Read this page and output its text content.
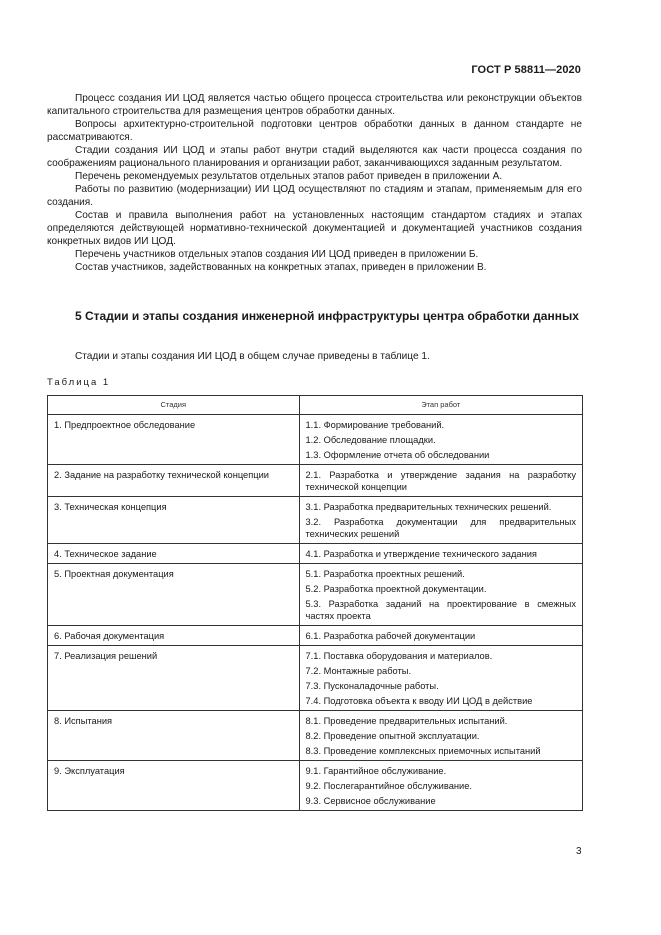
ГОСТ Р 58811—2020

Процесс создания ИИ ЦОД является частью общего процесса строительства или реконструкции объектов капитального строительства для размещения центров обработки данных.

Вопросы архитектурно-строительной подготовки центров обработки данных в данном стандарте не рассматриваются.

Стадии создания ИИ ЦОД и этапы работ внутри стадий выделяются как части процесса создания по соображениям рационального планирования и организации работ, заканчивающихся заданным результатом.

Перечень рекомендуемых результатов отдельных этапов работ приведен в приложении А.

Работы по развитию (модернизации) ИИ ЦОД осуществляют по стадиям и этапам, применяемым для его создания.

Состав и правила выполнения работ на установленных настоящим стандартом стадиях и этапах определяются действующей нормативно-технической документацией и документацией участников создания конкретных видов ИИ ЦОД.

Перечень участников отдельных этапов создания ИИ ЦОД приведен в приложении Б.

Состав участников, задействованных на конкретных этапах, приведен в приложении В.

5 Стадии и этапы создания инженерной инфраструктуры центра обработки данных
Стадии и этапы создания ИИ ЦОД в общем случае приведены в таблице 1.
Таблица 1
Стадия	Этап работ
1. Предпроектное обследование	1.1. Формирование требований.
1.2. Обследование площадки.
1.3. Оформление отчета об обследовании

2. Задание на разработку технической концепции	2.1. Разработка и утверждение задания на разработку технической концепции

3. Техническая концепция	3.1. Разработка предварительных технических решений.
3.2. Разработка документации для предварительных технических решений

4. Техническое задание	4.1. Разработка и утверждение технического задания

5. Проектная документация	5.1. Разработка проектных решений.
5.2. Разработка проектной документации.
5.3. Разработка заданий на проектирование в смежных частях проекта

6. Рабочая документация	6.1. Разработка рабочей документации

7. Реализация решений	7.1. Поставка оборудования и материалов.
7.2. Монтажные работы.
7.3. Пусконаладочные работы.
7.4. Подготовка объекта к вводу ИИ ЦОД в действие

8. Испытания	8.1. Проведение предварительных испытаний.
8.2. Проведение опытной эксплуатации.
8.3. Проведение комплексных приемочных испытаний

9. Эксплуатация	9.1. Гарантийное обслуживание.
9.2. Послегарантийное обслуживание.
9.3. Сервисное обслуживание
3
